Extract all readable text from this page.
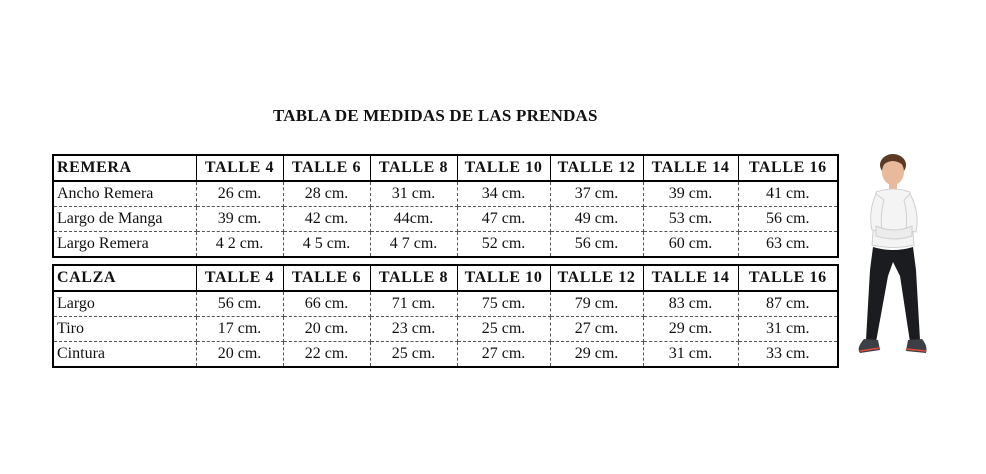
TABLA DE MEDIDAS DE LAS PRENDAS
REMERA	TALLE 4	TALLE 6	TALLE 8	TALLE 10	TALLE 12	TALLE 14	TALLE 16
Ancho Remera	26 cm.	28 cm.	31 cm.	34 cm.	37 cm.	39 cm.	41 cm.
Largo de Manga	39 cm.	42 cm.	44cm.	47 cm.	49 cm.	53 cm.	56 cm.
Largo Remera	4 2 cm.	4 5 cm.	4 7 cm.	52 cm.	56 cm.	60 cm.	63 cm.
CALZA	TALLE 4	TALLE 6	TALLE 8	TALLE 10	TALLE 12	TALLE 14	TALLE 16
Largo	56 cm.	66 cm.	71 cm.	75 cm.	79 cm.	83 cm.	87 cm.
Tiro	17 cm.	20 cm.	23 cm.	25 cm.	27 cm.	29 cm.	31 cm.
Cintura	20 cm.	22 cm.	25 cm.	27 cm.	29 cm.	31 cm.	33 cm.
